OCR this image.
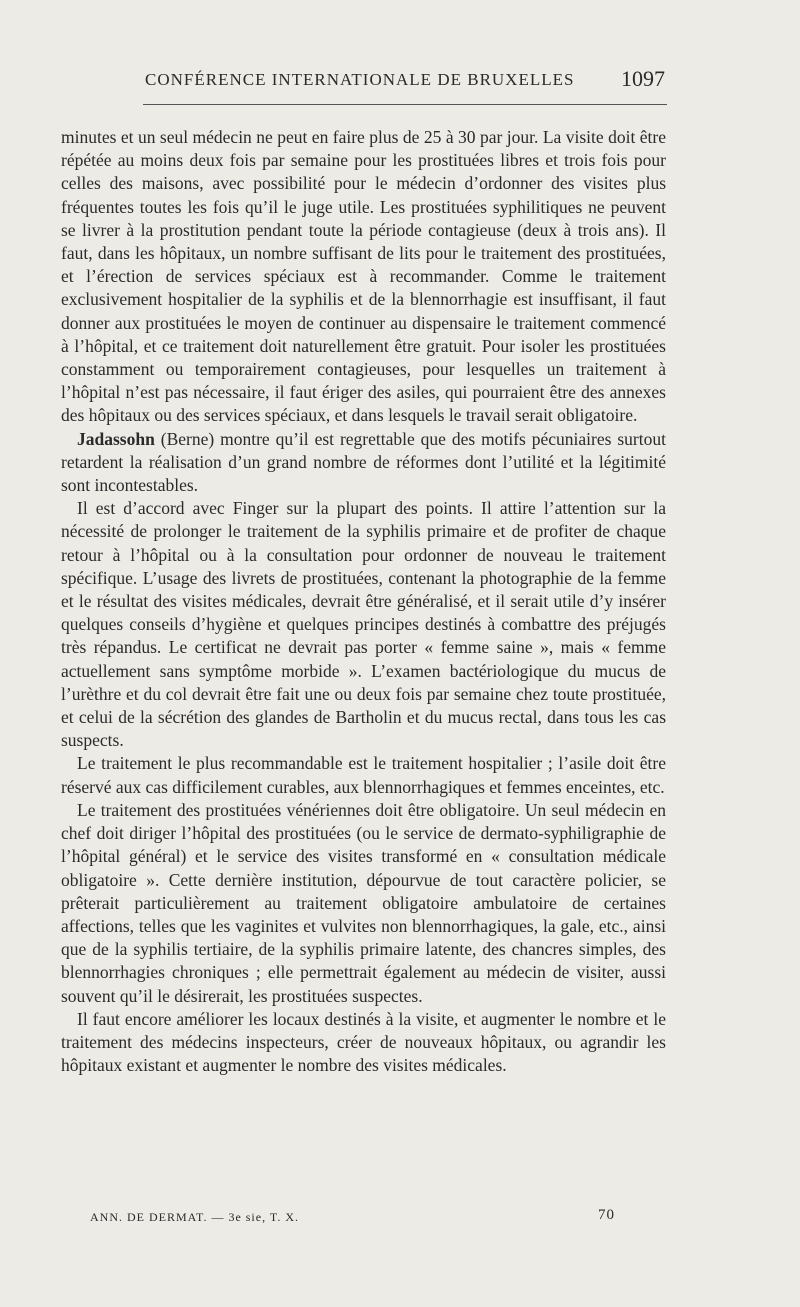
CONFÉRENCE INTERNATIONALE DE BRUXELLES 1097

minutes et un seul médecin ne peut en faire plus de 25 à 30 par jour. La visite doit être répétée au moins deux fois par semaine pour les prostituées libres et trois fois pour celles des maisons, avec possibilité pour le médecin d’ordonner des visites plus fréquentes toutes les fois qu’il le juge utile. Les prostituées syphilitiques ne peuvent se livrer à la prostitution pendant toute la période contagieuse (deux à trois ans). Il faut, dans les hôpitaux, un nombre suffisant de lits pour le traitement des prostituées, et l’érection de services spéciaux est à recommander. Comme le traitement exclusivement hospitalier de la syphilis et de la blennorrhagie est insuffisant, il faut donner aux prostituées le moyen de continuer au dispensaire le traitement commencé à l’hôpital, et ce traitement doit naturellement être gratuit. Pour isoler les prostituées constamment ou temporairement contagieuses, pour lesquelles un traitement à l’hôpital n’est pas nécessaire, il faut ériger des asiles, qui pourraient être des annexes des hôpitaux ou des services spéciaux, et dans lesquels le travail serait obligatoire.

Jadassohn (Berne) montre qu’il est regrettable que des motifs pécuniaires surtout retardent la réalisation d’un grand nombre de réformes dont l’utilité et la légitimité sont incontestables.

Il est d’accord avec Finger sur la plupart des points. Il attire l’attention sur la nécessité de prolonger le traitement de la syphilis primaire et de profiter de chaque retour à l’hôpital ou à la consultation pour ordonner de nouveau le traitement spécifique. L’usage des livrets de prostituées, contenant la photographie de la femme et le résultat des visites médicales, devrait être généralisé, et il serait utile d’y insérer quelques conseils d’hygiène et quelques principes destinés à combattre des préjugés très répandus. Le certificat ne devrait pas porter « femme saine », mais « femme actuellement sans symptôme morbide ». L’examen bactériologique du mucus de l’urèthre et du col devrait être fait une ou deux fois par semaine chez toute prostituée, et celui de la sécrétion des glandes de Bartholin et du mucus rectal, dans tous les cas suspects.

Le traitement le plus recommandable est le traitement hospitalier ; l’asile doit être réservé aux cas difficilement curables, aux blennorrhagiques et femmes enceintes, etc.

Le traitement des prostituées vénériennes doit être obligatoire. Un seul médecin en chef doit diriger l’hôpital des prostituées (ou le service de dermato-syphiligraphie de l’hôpital général) et le service des visites transformé en « consultation médicale obligatoire ». Cette dernière institution, dépourvue de tout caractère policier, se prêterait particulièrement au traitement obligatoire ambulatoire de certaines affections, telles que les vaginites et vulvites non blennorrhagiques, la gale, etc., ainsi que de la syphilis tertiaire, de la syphilis primaire latente, des chancres simples, des blennorrhagies chroniques ; elle permettrait également au médecin de visiter, aussi souvent qu’il le désirerait, les prostituées suspectes.

Il faut encore améliorer les locaux destinés à la visite, et augmenter le nombre et le traitement des médecins inspecteurs, créer de nouveaux hôpitaux, ou agrandir les hôpitaux existant et augmenter le nombre des visites médicales.

ANN. DE DERMAT. — 3e sie, T. X.	70
